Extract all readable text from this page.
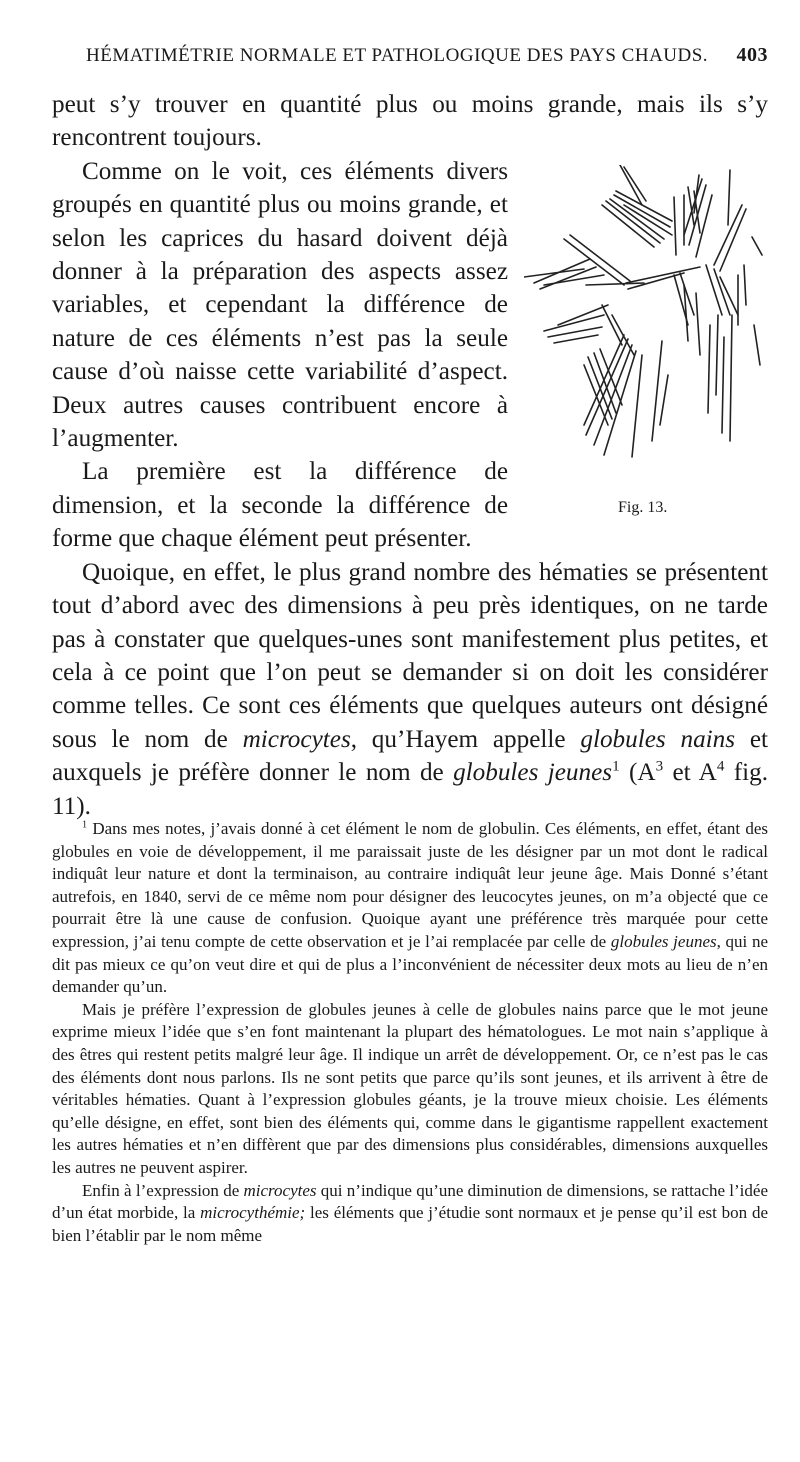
HÉMATIMÉTRIE NORMALE ET PATHOLOGIQUE DES PAYS CHAUDS. 403

peut s’y trouver en quantité plus ou moins grande, mais ils s’y rencontrent toujours.

Fig. 13.

Comme on le voit, ces éléments divers groupés en quantité plus ou moins grande, et selon les caprices du hasard doivent déjà donner à la préparation des aspects assez variables, et cependant la différence de nature de ces éléments n’est pas la seule cause d’où naisse cette variabilité d’aspect. Deux autres causes contribuent encore à l’augmenter.

La première est la différence de dimension, et la seconde la différence de forme que chaque élément peut présenter.

Quoique, en effet, le plus grand nombre des hématies se présentent tout d’abord avec des dimensions à peu près identiques, on ne tarde pas à constater que quelques-unes sont manifestement plus petites, et cela à ce point que l’on peut se demander si on doit les considérer comme telles. Ce sont ces éléments que quelques auteurs ont désigné sous le nom de microcytes, qu’Hayem appelle globules nains et auxquels je préfère donner le nom de globules jeunes$^1$ ($A^3$ et $A^4$ fig. 11).

$^1$ Dans mes notes, j’avais donné à cet élément le nom de globulin. Ces éléments, en effet, étant des globules en voie de développement, il me paraissait juste de les désigner par un mot dont le radical indiquât leur nature et dont la terminaison, au contraire indiquât leur jeune âge. Mais Donné s’étant autrefois, en 1840, servi de ce même nom pour désigner des leucocytes jeunes, on m’a objecté que ce pourrait être là une cause de confusion. Quoique ayant une préférence très marquée pour cette expression, j’ai tenu compte de cette observation et je l’ai remplacée par celle de globules jeunes, qui ne dit pas mieux ce qu’on veut dire et qui de plus a l’inconvénient de nécessiter deux mots au lieu de n’en demander qu’un.

Mais je préfère l’expression de globules jeunes à celle de globules nains parce que le mot jeune exprime mieux l’idée que s’en font maintenant la plupart des hématologues. Le mot nain s’applique à des êtres qui restent petits malgré leur âge. Il indique un arrêt de développement. Or, ce n’est pas le cas des éléments dont nous parlons. Ils ne sont petits que parce qu’ils sont jeunes, et ils arrivent à être de véritables hématies. Quant à l’expression globules géants, je la trouve mieux choisie. Les éléments qu’elle désigne, en effet, sont bien des éléments qui, comme dans le gigantisme rappellent exactement les autres hématies et n’en diffèrent que par des dimensions plus considérables, dimensions auxquelles les autres ne peuvent aspirer.

Enfin à l’expression de microcytes qui n’indique qu’une diminution de dimensions, se rattache l’idée d’un état morbide, la microcythémie; les éléments que j’étudie sont normaux et je pense qu’il est bon de bien l’établir par le nom même
